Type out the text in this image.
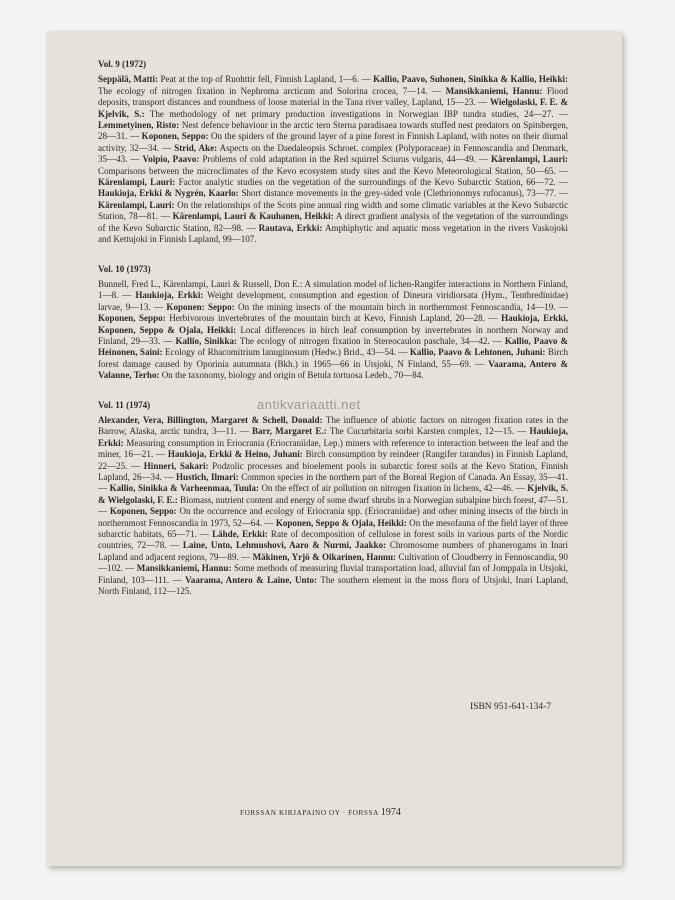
Vol. 9 (1972)
Seppälä, Matti: Peat at the top of Ruohttir fell, Finnish Lapland, 1—6. — Kallio, Paavo, Suhonen, Sinikka & Kallio, Heikki: The ecology of nitrogen fixation in Nephroma arcticum and Solorina crocea, 7—14. — Mansikkaniemi, Hannu: Flood deposits, transport distances and roundness of loose material in the Tana river valley, Lapland, 15—23. — Wielgolaski, F. E. & Kjelvik, S.: The methodology of net primary production investigations in Norwegian IBP tundra studies, 24—27. — Lemmetyinen, Risto: Nest defence behaviour in the arctic tern Sterna paradisaea towards stuffed nest predators on Spitsbergen, 28—31. — Koponen, Seppo: On the spiders of the ground layer of a pine forest in Finnish Lapland, with notes on their diurnal activity, 32—34. — Strid, Ake: Aspects on the Daedaleopsis Schroet. complex (Polyporaceae) in Fennoscandia and Denmark, 35—43. — Voipio, Paavo: Problems of cold adaptation in the Red squirrel Sciurus vulgaris, 44—49. — Kärenlampi, Lauri: Comparisons between the microclimates of the Kevo ecosystem study sites and the Kevo Meteorological Station, 50—65. — Kärenlampi, Lauri: Factor analytic studies on the vegetation of the surroundings of the Kevo Subarctic Station, 66—72. — Haukioja, Erkki & Nygrén, Kaarlo: Short distance movements in the grey-sided vole (Clethrionomys rufocanus), 73—77. — Kärenlampi, Lauri: On the relationships of the Scots pine annual ring width and some climatic variables at the Kevo Subarctic Station, 78—81. — Kärenlampi, Lauri & Kauhanen, Heikki: A direct gradient analysis of the vegetation of the surroundings of the Kevo Subarctic Station, 82—98. — Rautava, Erkki: Amphiphytic and aquatic moss vegetation in the rivers Vaskojoki and Kettujoki in Finnish Lapland, 99—107.
Vol. 10 (1973)
Bunnell, Fred L., Kärenlampi, Lauri & Russell, Don E.: A simulation model of lichen-Rangifer interactions in Northern Finland, 1—8. — Haukioja, Erkki: Weight development, consumption and egestion of Dineura viridiorsata (Hym., Tenthredinidae) larvae, 9—13. — Koponen: Seppo: On the mining insects of the mountain birch in northernmost Fennoscandia, 14—19. — Koponen, Seppo: Herbivorous invertebrates of the mountain birch at Kevo, Finnish Lapland, 20—28. — Haukioja, Erkki, Koponen, Seppo & Ojala, Heikki: Local differences in birch leaf consumption by invertebrates in northern Norway and Finland, 29—33. — Kallio, Sinikka: The ecology of nitrogen fixation in Stereocaulon paschale, 34—42. — Kallio, Paavo & Heinonen, Saini: Ecology of Rhacomitrium lanuginosum (Hedw.) Brid., 43—54. — Kallio, Paavo & Lehtonen, Juhani: Birch forest damage caused by Oporinia autumnata (Bkh.) in 1965—66 in Utsjoki, N Finland, 55—69. — Vaarama, Antero & Valanne, Terho: On the taxonomy, biology and origin of Betula tortuosa Ledeb., 70—84.
Vol. 11 (1974)
Alexander, Vera, Billington, Margaret & Schell, Donald: The influence of abiotic factors on nitrogen fixation rates in the Barrow, Alaska, arctic tundra, 3—11. — Barr, Margaret E.: The Cucurbitaria sorbi Karsten complex, 12—15. — Haukioja, Erkki: Measuring consumption in Eriocrania (Eriocraniidae, Lep.) miners with reference to interaction between the leaf and the miner, 16—21. — Haukioja, Erkki & Heino, Juhani: Birch consumption by reindeer (Rangifer tarandus) in Finnish Lapland, 22—25. — Hinneri, Sakari: Podzolic processes and bioelement pools in subarctic forest soils at the Kevo Station, Finnish Lapland, 26—34. — Hustich, Ilmari: Common species in the northern part of the Boreal Region of Canada. An Essay, 35—41. — Kallio, Sinikka & Varheenmaa, Tuula: On the effect of air pollution on nitrogen fixation in lichens, 42—46. — Kjelvik, S. & Wielgolaski, F. E.: Biomass, nutrient content and energy of some dwarf shrubs in a Norwegian subalpine birch forest, 47—51. — Koponen, Seppo: On the occurrence and ecology of Eriocrania spp. (Eriocraniidae) and other mining insects of the birch in northernmost Fennoscandia in 1973, 52—64. — Koponen, Seppo & Ojala, Heikki: On the mesofauna of the field layer of three subarctic habitats, 65—71. — Lähde, Erkki: Rate of decomposition of cellulose in forest soils in various parts of the Nordic countries, 72—78. — Laine, Unto, Lehmushovi, Aaro & Nurmi, Jaakko: Chromosome numbers of phanerogams in Inari Lapland and adjacent regions, 79—89. — Mäkinen, Yrjö & Oikarinen, Hannu: Cultivation of Cloudberry in Fennoscandia, 90—102. — Mansikkaniemi, Hannu: Some methods of measuring fluvial transportation load, alluvial fan of Jomppala in Utsjoki, Finland, 103—111. — Vaarama, Antero & Laine, Unto: The southern element in the moss flora of Utsjoki, Inari Lapland, North Finland, 112—125.
antikvariaatti.net
ISBN 951-641-134-7
FORSSAN KIRJAPAINO OY · FORSSA 1974
